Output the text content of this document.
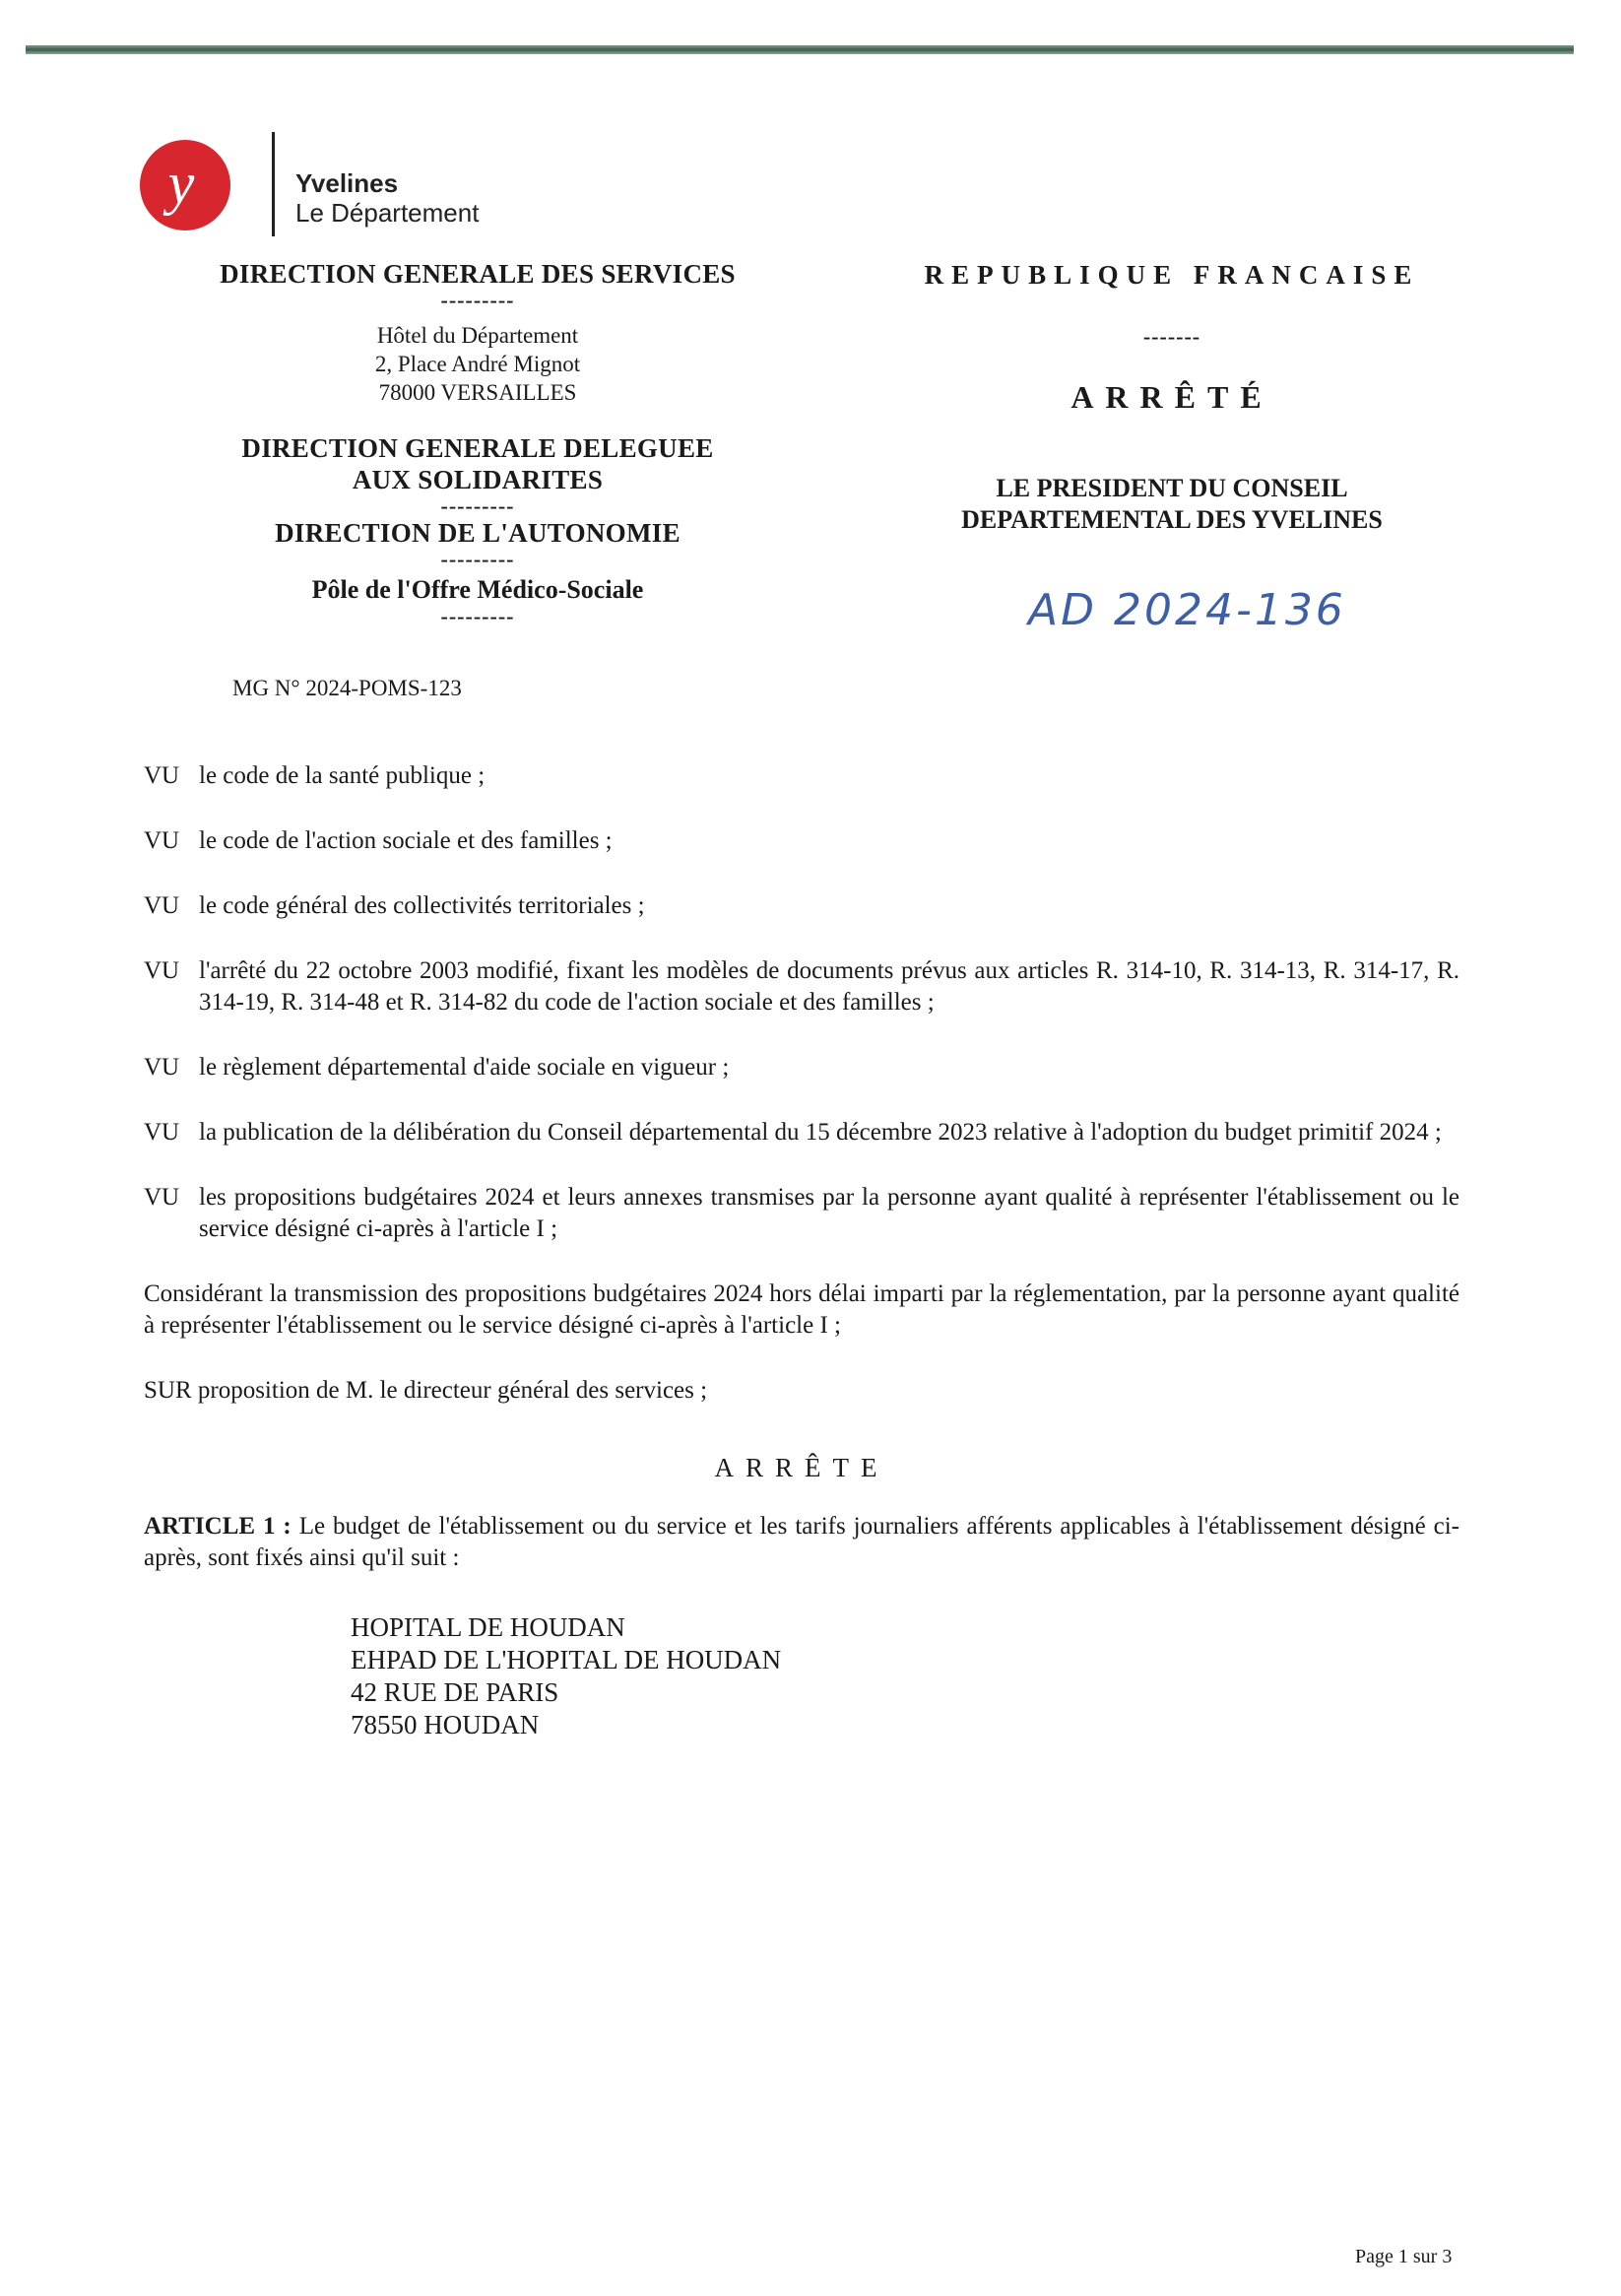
y ’	Yvelines
Le Département
DIRECTION GENERALE DES SERVICES
---------
Hôtel du Département
2, Place André Mignot
78000 VERSAILLES
DIRECTION GENERALE DELEGUEE
AUX SOLIDARITES
---------
DIRECTION DE L'AUTONOMIE
---------
Pôle de l'Offre Médico-Sociale
---------
MG N° 2024-POMS-123
REPUBLIQUE FRANCAISE
-------
ARRÊTÉ
LE PRESIDENT DU CONSEIL
DEPARTEMENTAL DES YVELINES
AD 2024-136
VU le code de la santé publique ;
VU le code de l'action sociale et des familles ;
VU le code général des collectivités territoriales ;
VU l'arrêté du 22 octobre 2003 modifié, fixant les modèles de documents prévus aux articles R. 314-10, R. 314-13, R. 314-17, R. 314-19, R. 314-48 et R. 314-82 du code de l'action sociale et des familles ;
VU le règlement départemental d'aide sociale en vigueur ;
VU la publication de la délibération du Conseil départemental du 15 décembre 2023 relative à l'adoption du budget primitif 2024 ;
VU les propositions budgétaires 2024 et leurs annexes transmises par la personne ayant qualité à représenter l'établissement ou le service désigné ci-après à l'article I ;
Considérant la transmission des propositions budgétaires 2024 hors délai imparti par la réglementation, par la personne ayant qualité à représenter l'établissement ou le service désigné ci-après à l'article I ;
SUR proposition de M. le directeur général des services ;
ARRÊTE
ARTICLE 1 : Le budget de l'établissement ou du service et les tarifs journaliers afférents applicables à l'établissement désigné ci-après, sont fixés ainsi qu'il suit :
HOPITAL DE HOUDAN
EHPAD DE L'HOPITAL DE HOUDAN
42 RUE DE PARIS
78550 HOUDAN
Page 1 sur 3
